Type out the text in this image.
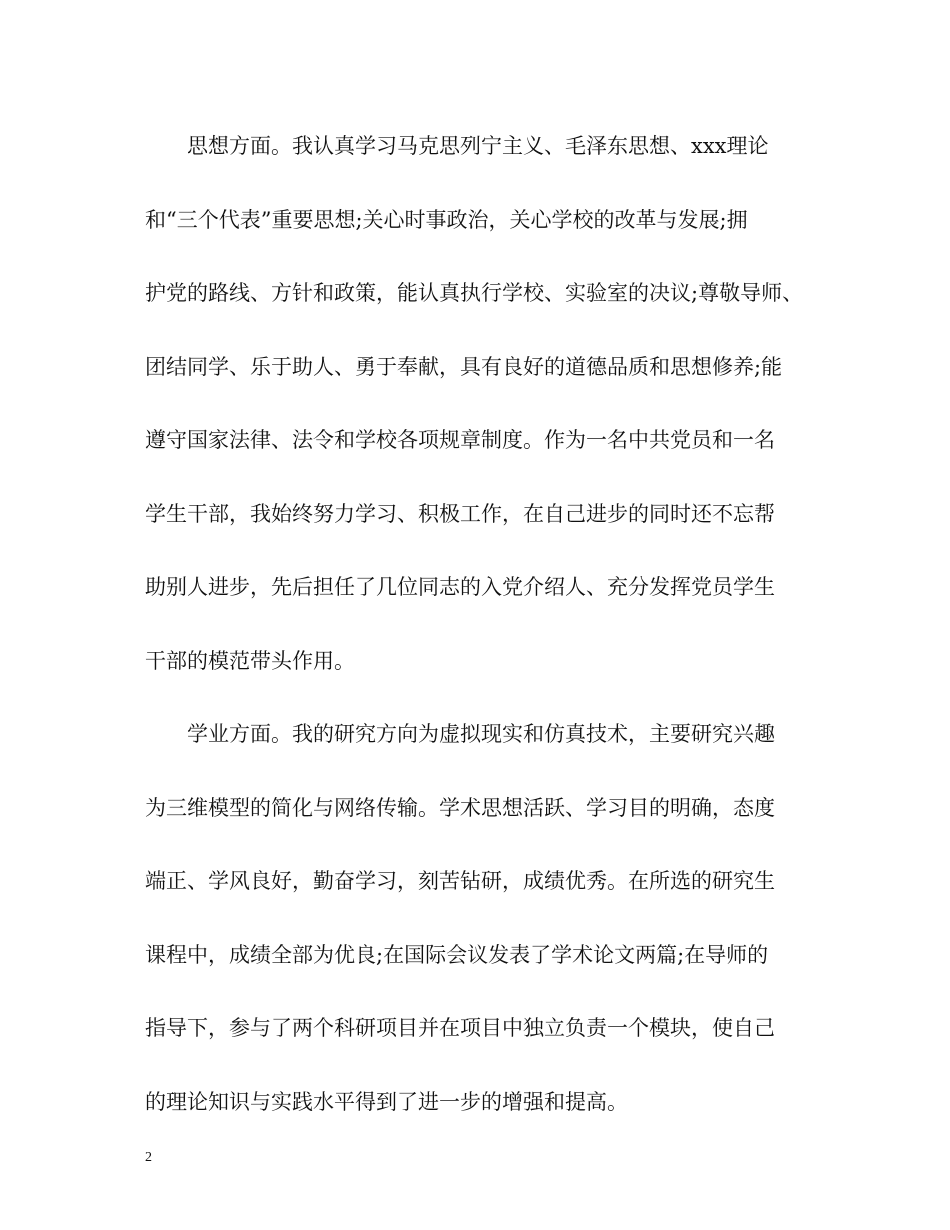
思想方面。我认真学习马克思列宁主义、毛泽东思想、xxx理论
和“三个代表”重要思想;关心时事政治，关心学校的改革与发展;拥
护党的路线、方针和政策，能认真执行学校、实验室的决议;尊敬导师、
团结同学、乐于助人、勇于奉献，具有良好的道德品质和思想修养;能
遵守国家法律、法令和学校各项规章制度。作为一名中共党员和一名
学生干部，我始终努力学习、积极工作，在自己进步的同时还不忘帮
助别人进步，先后担任了几位同志的入党介绍人、充分发挥党员学生
干部的模范带头作用。
学业方面。我的研究方向为虚拟现实和仿真技术，主要研究兴趣
为三维模型的简化与网络传输。学术思想活跃、学习目的明确，态度
端正、学风良好，勤奋学习，刻苦钻研，成绩优秀。在所选的研究生
课程中，成绩全部为优良;在国际会议发表了学术论文两篇;在导师的
指导下，参与了两个科研项目并在项目中独立负责一个模块，使自己
的理论知识与实践水平得到了进一步的增强和提高。
2
